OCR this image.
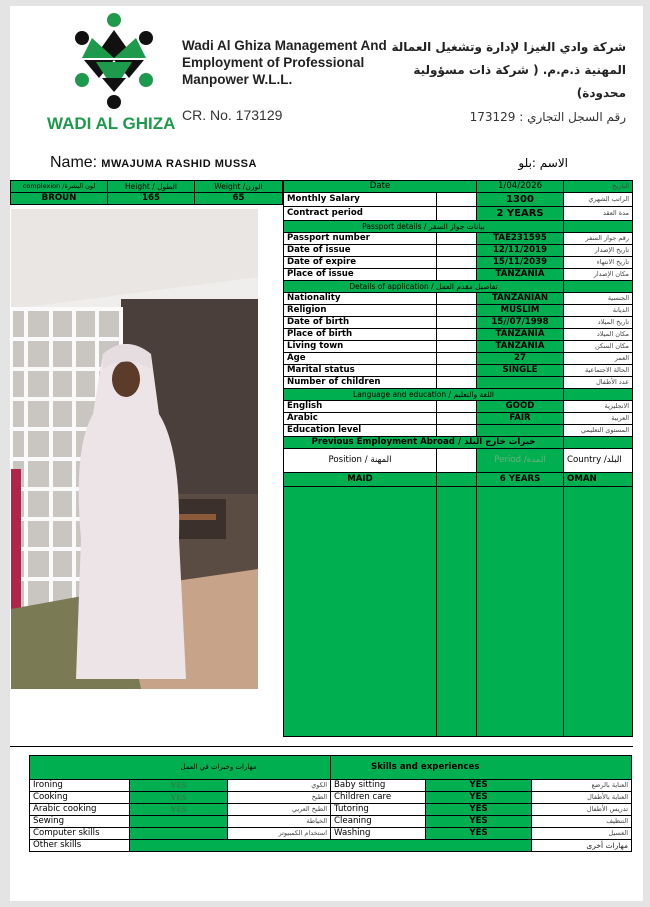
WADI AL GHIZA
Wadi Al Ghiza Management And
Employment of Professional
Manpower W.L.L.
CR. No. 173129
شركة وادي الغيزا لإدارة وتشغيل العمالة
المهنية ذ.م.م. ( شركة ذات مسؤولية
محدودة)
رقم السجل التجاري : 173129
Name: MWAJUMA RASHID MUSSA	الاسم :بلو
complexion /لون البشرة	Height / الطول	Weight /الوزن
BROUN	165	65
Date		1/04/2026	التاريخ
Monthly Salary		1300	الراتب الشهري
Contract period		2 YEARS	مدة العقد
Passport details / بيانات جواز السفر			
Passport number		TAE231595	رقم جواز السفر
Date of issue		12/11/2019	تاريخ الإصدار
Date of expire		15/11/2039	تاريخ الانتهاء
Place of issue		TANZANIA	مكان الإصدار
Details of application / تفاصيل مقدم العمل			
Nationality		TANZANIAN	الجنسية
Religion		MUSLIM	الديانة
Date of birth		15//07/1998	تاريخ الميلاد
Place of birth		TANZANIA	مكان الميلاد
Living town		TANZANIA	مكان السكن
Age		27	العمر
Marital status		SINGLE	الحالة الاجتماعية
Number of children			عدد الأطفال
Language and education / اللغة والتعليم			
English		GOOD	الانجليزية
Arabic		FAIR	العربية
Education level			المستوى التعليمي
Previous Employment Abroad / خبرات خارج البلد			
Position / المهنة		Period /المدة	Country /البلد
MAID		6 YEARS	OMAN

مهارات وخبرات في العمل			Skills and experiences		
Ironing	YES	الكوي	Baby sitting	YES	العناية بالرضع
Cooking	YES	الطبخ	Children care	YES	العناية بالأطفال
Arabic cooking	YES	الطبخ العربي	Tutoring	YES	تدريس الأطفال
Sewing		الخياطة	Cleaning	YES	التنظيف
Computer skills		استخدام الكمبيوتر	Washing	YES	الغسيل
Other skills					مهارات أخرى
